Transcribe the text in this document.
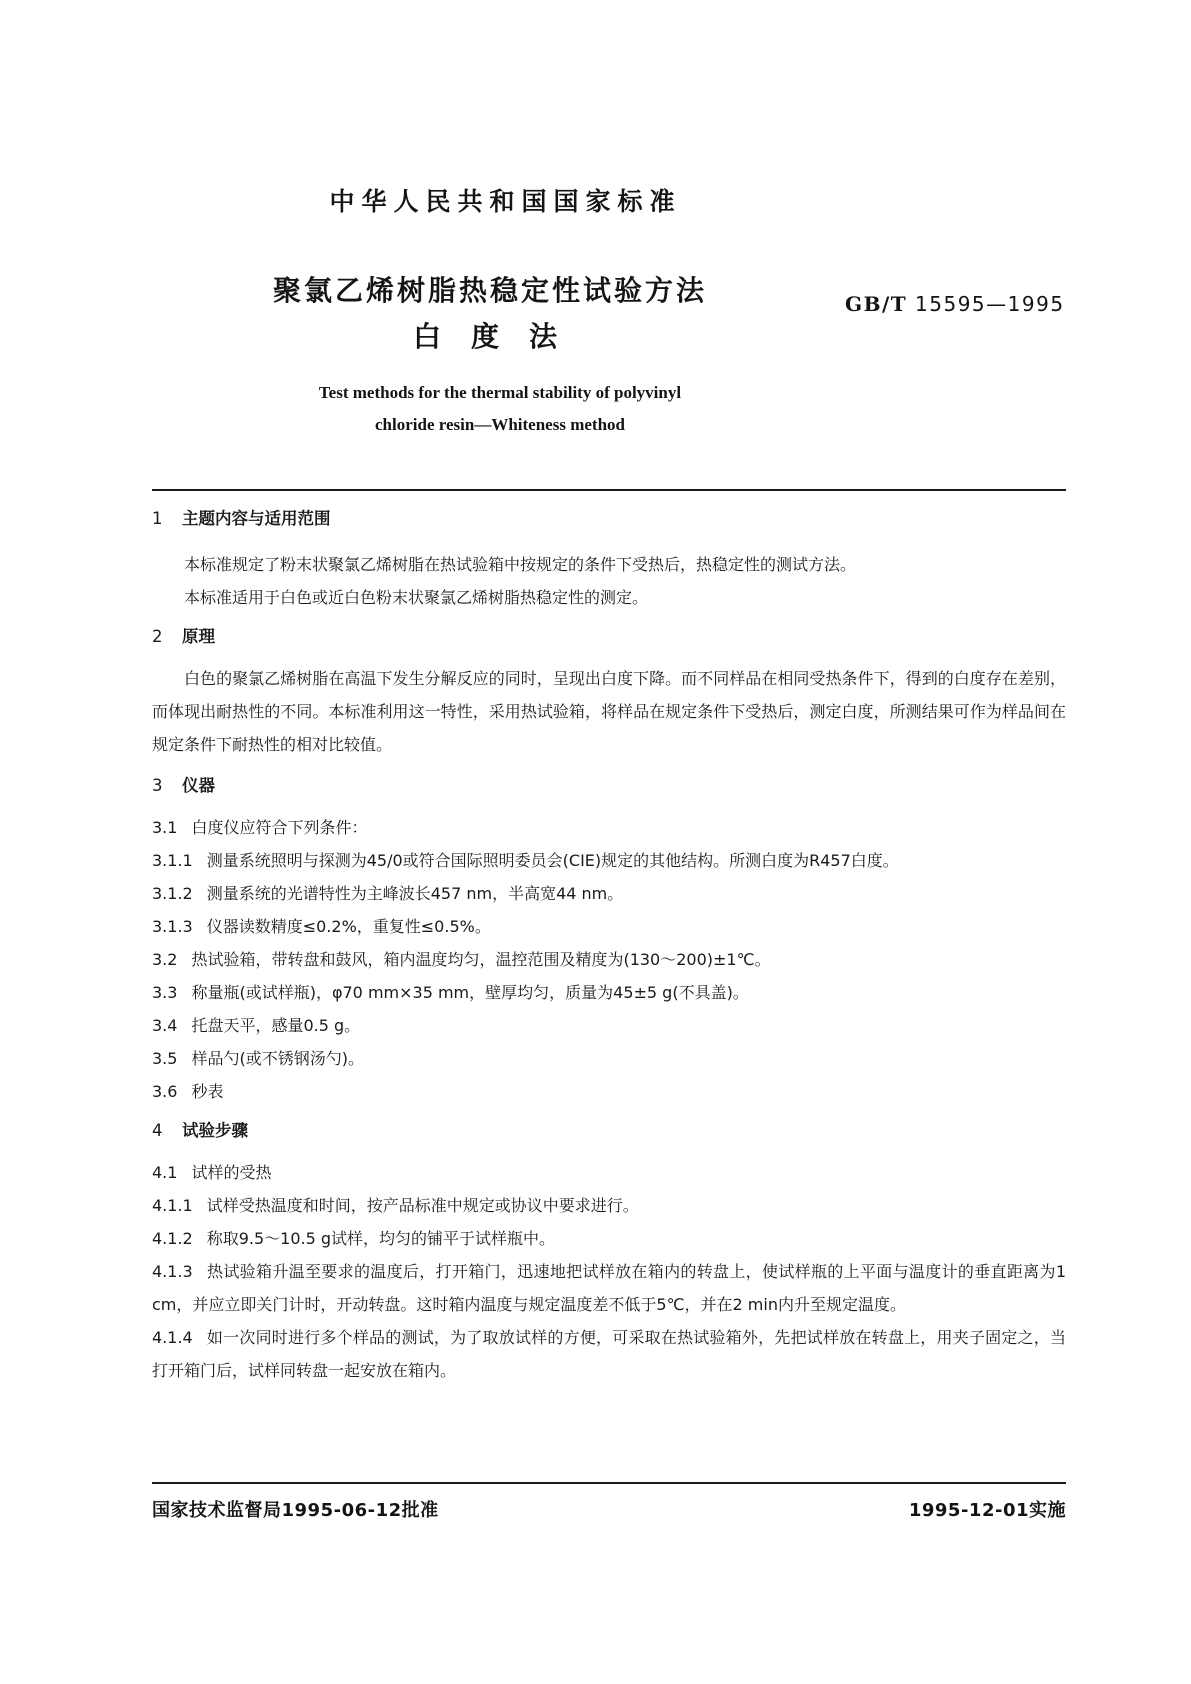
中华人民共和国国家标准
聚氯乙烯树脂热稳定性试验方法
白度法
GB/T 15595—1995
Test methods for the thermal stability of polyvinyl
chloride resin—Whiteness method

1 主题内容与适用范围

本标准规定了粉末状聚氯乙烯树脂在热试验箱中按规定的条件下受热后，热稳定性的测试方法。

本标准适用于白色或近白色粉末状聚氯乙烯树脂热稳定性的测定。

2 原理

白色的聚氯乙烯树脂在高温下发生分解反应的同时，呈现出白度下降。而不同样品在相同受热条件下，得到的白度存在差别，而体现出耐热性的不同。本标准利用这一特性，采用热试验箱，将样品在规定条件下受热后，测定白度，所测结果可作为样品间在规定条件下耐热性的相对比较值。

3 仪器

3.1 白度仪应符合下列条件：

3.1.1 测量系统照明与探测为45/0或符合国际照明委员会(CIE)规定的其他结构。所测白度为R457白度。

3.1.2 测量系统的光谱特性为主峰波长457 nm，半高宽44 nm。

3.1.3 仪器读数精度≤0.2%，重复性≤0.5%。

3.2 热试验箱，带转盘和鼓风，箱内温度均匀，温控范围及精度为(130～200)±1℃。

3.3 称量瓶(或试样瓶)，φ70 mm×35 mm，壁厚均匀，质量为45±5 g(不具盖)。

3.4 托盘天平，感量0.5 g。

3.5 样品勺(或不锈钢汤勺)。

3.6 秒表

4 试验步骤

4.1 试样的受热

4.1.1 试样受热温度和时间，按产品标准中规定或协议中要求进行。

4.1.2 称取9.5～10.5 g试样，均匀的铺平于试样瓶中。

4.1.3 热试验箱升温至要求的温度后，打开箱门，迅速地把试样放在箱内的转盘上，使试样瓶的上平面与温度计的垂直距离为1 cm，并应立即关门计时，开动转盘。这时箱内温度与规定温度差不低于5℃，并在2 min内升至规定温度。

4.1.4 如一次同时进行多个样品的测试，为了取放试样的方便，可采取在热试验箱外，先把试样放在转盘上，用夹子固定之，当打开箱门后，试样同转盘一起安放在箱内。

国家技术监督局1995-06-12批准	1995-12-01实施
